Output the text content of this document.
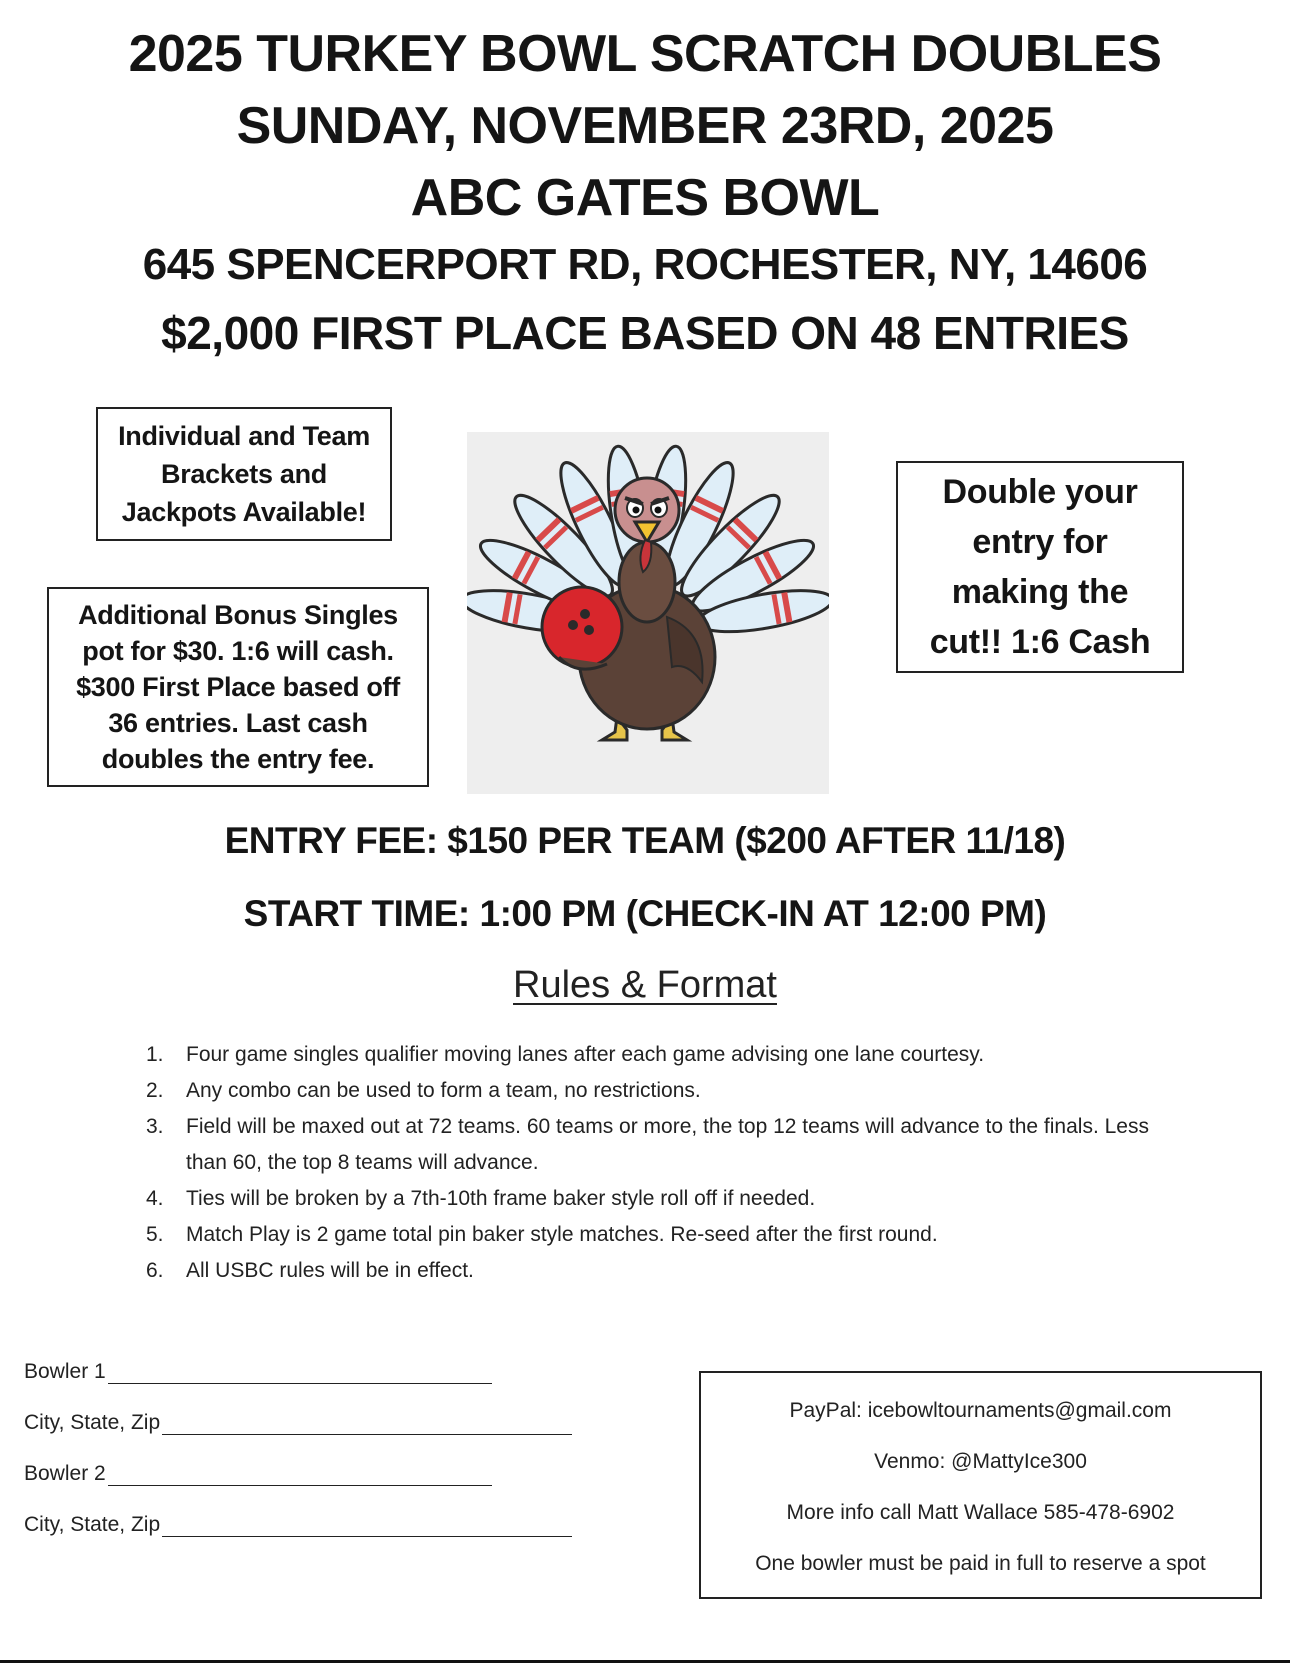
2025 TURKEY BOWL SCRATCH DOUBLES
SUNDAY, NOVEMBER 23RD, 2025
ABC GATES BOWL
645 SPENCERPORT RD, ROCHESTER, NY, 14606
$2,000 FIRST PLACE BASED ON 48 ENTRIES
Individual and Team Brackets and Jackpots Available!
Additional Bonus Singles pot for $30. 1:6 will cash. $300 First Place based off 36 entries. Last cash doubles the entry fee.
Double your entry for making the cut!! 1:6 Cash
ENTRY FEE: $150 PER TEAM ($200 AFTER 11/18)
START TIME: 1:00 PM (CHECK-IN AT 12:00 PM)
Rules & Format
1. Four game singles qualifier moving lanes after each game advising one lane courtesy.
2. Any combo can be used to form a team, no restrictions.
3. Field will be maxed out at 72 teams. 60 teams or more, the top 12 teams will advance to the finals. Less than 60, the top 8 teams will advance.
4. Ties will be broken by a 7th-10th frame baker style roll off if needed.
5. Match Play is 2 game total pin baker style matches. Re-seed after the first round.
6. All USBC rules will be in effect.
Bowler 1
City, State, Zip
Bowler 2
City, State, Zip
PayPal: icebowltournaments@gmail.com
Venmo: @MattyIce300
More info call Matt Wallace 585-478-6902
One bowler must be paid in full to reserve a spot
